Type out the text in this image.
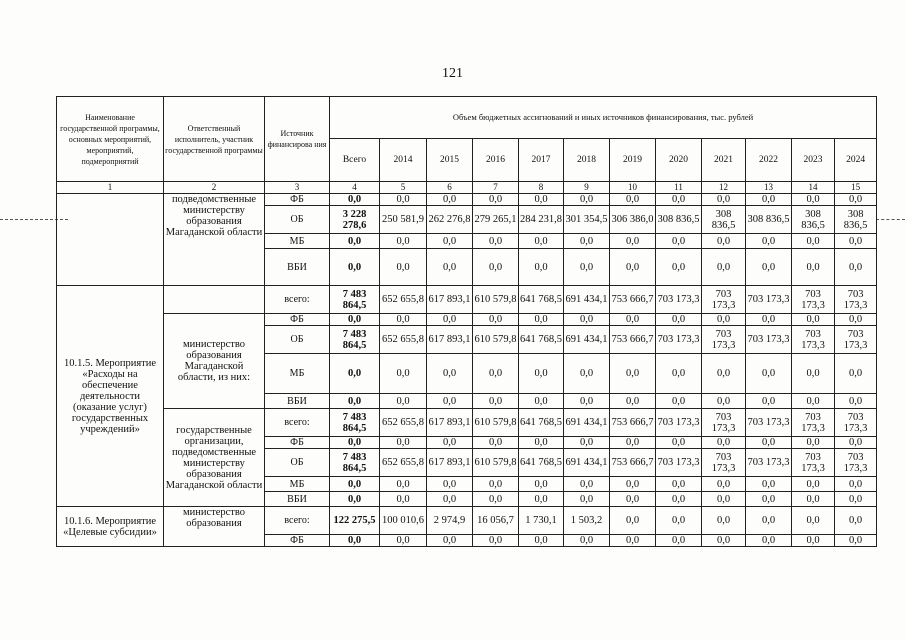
121
Наименование государственной программы, основных мероприятий, мероприятий, подмероприятий	Ответственный исполнитель, участник государственной программы	Источник финансирова ния	Объем бюджетных ассигнований и иных источников финансирования, тыс. рублей											
			Всего	2014	2015	2016	2017	2018	2019	2020	2021	2022	2023	2024
1	2	3	4	5	6	7	8	9	10	11	12	13	14	15
	подведомственные министерству образования Магаданской области	ФБ	0,0	0,0	0,0	0,0	0,0	0,0	0,0	0,0	0,0	0,0	0,0	0,0
		ОБ	3 228 278,6	250 581,9	262 276,8	279 265,1	284 231,8	301 354,5	306 386,0	308 836,5	308 836,5	308 836,5	308 836,5	308 836,5
		МБ	0,0	0,0	0,0	0,0	0,0	0,0	0,0	0,0	0,0	0,0	0,0	0,0
		ВБИ	0,0	0,0	0,0	0,0	0,0	0,0	0,0	0,0	0,0	0,0	0,0	0,0
10.1.5. Мероприятие «Расходы на обеспечение деятельности (оказание услуг) государственных учреждений»		всего:	7 483 864,5	652 655,8	617 893,1	610 579,8	641 768,5	691 434,1	753 666,7	703 173,3	703 173,3	703 173,3	703 173,3	703 173,3
	министерство образования Магаданской области, из них:	ФБ	0,0	0,0	0,0	0,0	0,0	0,0	0,0	0,0	0,0	0,0	0,0	0,0
		ОБ	7 483 864,5	652 655,8	617 893,1	610 579,8	641 768,5	691 434,1	753 666,7	703 173,3	703 173,3	703 173,3	703 173,3	703 173,3
		МБ	0,0	0,0	0,0	0,0	0,0	0,0	0,0	0,0	0,0	0,0	0,0	0,0
		ВБИ	0,0	0,0	0,0	0,0	0,0	0,0	0,0	0,0	0,0	0,0	0,0	0,0
	государственные организации, подведомственные министерству образования Магаданской области	всего:	7 483 864,5	652 655,8	617 893,1	610 579,8	641 768,5	691 434,1	753 666,7	703 173,3	703 173,3	703 173,3	703 173,3	703 173,3
		ФБ	0,0	0,0	0,0	0,0	0,0	0,0	0,0	0,0	0,0	0,0	0,0	0,0
		ОБ	7 483 864,5	652 655,8	617 893,1	610 579,8	641 768,5	691 434,1	753 666,7	703 173,3	703 173,3	703 173,3	703 173,3	703 173,3
		МБ	0,0	0,0	0,0	0,0	0,0	0,0	0,0	0,0	0,0	0,0	0,0	0,0
		ВБИ	0,0	0,0	0,0	0,0	0,0	0,0	0,0	0,0	0,0	0,0	0,0	0,0
10.1.6. Мероприятие «Целевые субсидии»	министерство образования	всего:	122 275,5	100 010,6	2 974,9	16 056,7	1 730,1	1 503,2	0,0	0,0	0,0	0,0	0,0	0,0
		ФБ	0,0	0,0	0,0	0,0	0,0	0,0	0,0	0,0	0,0	0,0	0,0	0,0
